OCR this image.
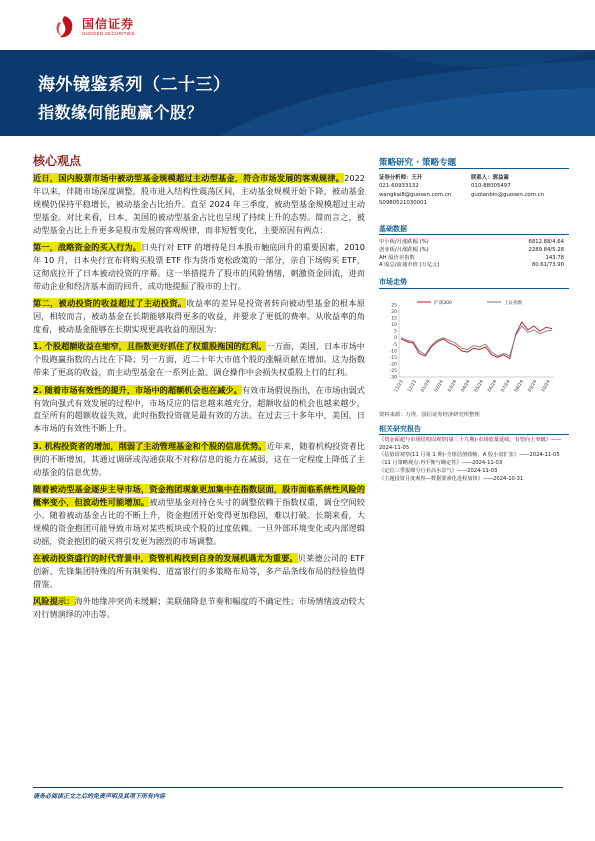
国信证券
GUOSEN SECURITIES
海外镜鉴系列（二十三）
指数缘何能跑赢个股？
核心观点

近日，国内股票市场中被动型基金规模超过主动型基金，符合市场发展的客观规律。2022 年以来，伴随市场深度调整，股市进入结构性震荡区间，主动基金规模开始下降，被动基金规模仍保持平稳增长，被动基金占比抬升。直至 2024 年三季度，被动型基金规模超过主动型基金。对比来看，日本、美国的被动型基金占比也呈现了持续上升的态势。简而言之，被动型基金占比上升更多是股市发展的客观规律，而非短暂变化，主要原因有两点：

第一，战略资金的买入行为。日央行对 ETF 的增持是日本股市触底回升的重要因素，2010 年 10 月，日本央行宣布将购买股票 ETF 作为货币宽松政策的一部分，亲自下场购买 ETF，这彻底拉开了日本被动投资的序幕。这一举措提升了股市的风险情绪，刺激资金回流，进而带动企业和经济基本面的回升，成功地提振了股市的上行。

第二，被动投资的收益超过了主动投资。收益率的差异是投资者转向被动型基金的根本原因，相较而言，被动基金在长期能够取得更多的收益，并要求了更低的费率。从收益率的角度看，被动基金能够在长期实现更高收益的原因为：

1. 个股超额收益在缩窄，且指数更好抓住了权重股拖国的红利。一方面，美国、日本市场中个股跑赢指数的占比在下降；另一方面，近二十年大市值个股的涨幅贡献在增加。这为指数带来了更高的收益，而主动型基金在一系列止盈、调仓操作中会损失权重股上行的红利。

2. 随着市场有效性的提升，市场中的超额机会也在减少。有效市场假说指出，在市场由弱式有效向强式有效发展的过程中，市场反应的信息越来越充分，超额收益的机会也越来越少，直至所有的超额收益失效，此时指数投资就是最有效的方法。在过去三十多年中，美国、日本市场的有效性不断上升。

3. 机构投资者的增加，削弱了主动管理基金和个股的信息优势。近年来，随着机构投资者比例的不断增加，其通过调研或沟通获取不对称信息的能力在减弱，这在一定程度上降低了主动基金的信息优势。

随着被动型基金逐步主导市场，资金抱团现象更加集中在指数层面，股市面临系统性风险的概率变小，但波动性可能增加。被动型基金对持仓头寸的调整依赖于指数权重，调仓空间较小。随着被动基金占比的不断上升，资金抱团开始变得更加稳固，难以打破。长期来看，大规模的资金抱团可能导致市场对某些板块或个股的过度依赖。一旦外部环境变化或内部逻辑动摇，资金抱团的破灭将引发更为剧烈的市场调整。

在被动投资盛行的时代背景中，资管机构找到自身的发展机遇尤为重要。贝莱德公司的 ETF 创新、先锋集团特殊的所有制架构、道富银行的多策略布局等，多产品条线布局的经验值得借鉴。

风险提示：海外地缘冲突尚未缓解；美联储降息节奏和幅度的不确定性；市场情绪波动较大对行情演绎的冲击等。

策略研究 · 策略专题
证券分析师：王开
021-60933132
wangkai8@guosen.com.cn
S0980521030001
联系人：郭益嵩
010-88005497
guolanbin@guosen.com.cn
基础数据
中小板/月涨跌幅 (%)	6812.88/4.64
创业板/月涨跌幅 (%)	2289.84/5.28
AH 股价差指数	143.78
A 股总/流通市值 (万亿元)	80.61/73.90
市场走势
沪深300	上证指数
25
20
15
10
5
0
-5
-10
-15
-20
-25
-30
11/23 12/23 01/24 02/24 03/24 04/24 05/24 06/24 07/24 08/24 09/24 10/24
资料来源：万得、国信证券经济研究所整理
相关研究报告
《资金面超与市场结构周观察(第三十九期)-市场放量延续，有望向上突破》——2024-11-05
《估值周观察(11 月第 1 期)-全球估值收缩，A 股小盘扩张》——2024-11-05
《11 月策略观点:再平衡与确定性》——2024-11-03
《定位三季报细分行业高水景气》——2024-11-03
《主题投资月度观察—数据要素化进程加快》——2024-10-31
请务必阅读正文之后的免责声明及其项下所有内容
